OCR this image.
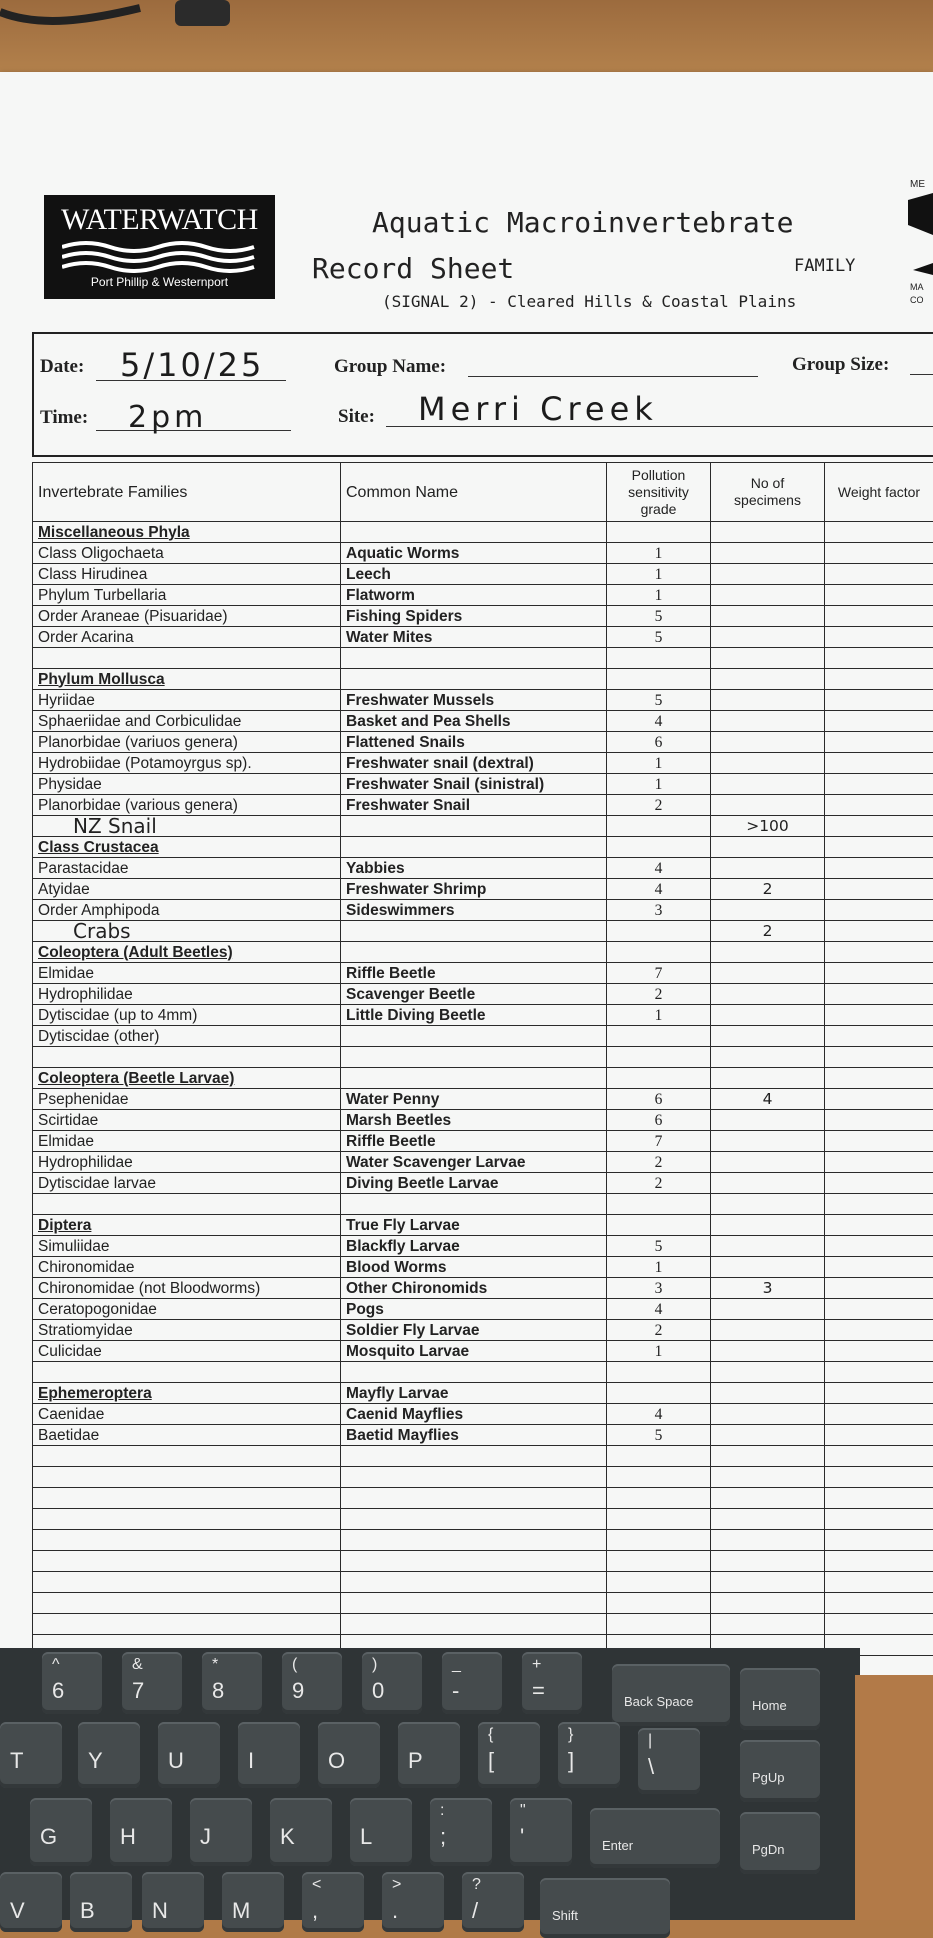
WATERWATCH
Port Phillip & Westernport
Aquatic Macroinvertebrate
Record Sheet	FAMILY
(SIGNAL 2) - Cleared Hills & Coastal Plains
ME
MA
CO
Date: 5/10/25	Group Name:	Group Size:
Time: 2pm	Site: Merri Creek
Invertebrate Families	Common Name	Pollution sensitivity grade	No of specimens	Weight factor
Miscellaneous Phyla				
Class Oligochaeta	Aquatic Worms	1		
Class Hirudinea	Leech	1		
Phylum Turbellaria	Flatworm	1		
Order Araneae (Pisuaridae)	Fishing Spiders	5		
Order Acarina	Water Mites	5		

Phylum Mollusca				
Hyriidae	Freshwater Mussels	5		
Sphaeriidae and Corbiculidae	Basket and Pea Shells	4		
Planorbidae (variuos genera)	Flattened Snails	6		
Hydrobiidae (Potamoyrgus sp).	Freshwater snail (dextral)	1		
Physidae	Freshwater Snail (sinistral)	1		
Planorbidae (various genera)	Freshwater Snail	2		
NZ Snail			>100	
Class Crustacea				
Parastacidae	Yabbies	4		
Atyidae	Freshwater Shrimp	4	2	
Order Amphipoda	Sideswimmers	3		
Crabs			2	
Coleoptera (Adult Beetles)				
Elmidae	Riffle Beetle	7		
Hydrophilidae	Scavenger Beetle	2		
Dytiscidae (up to 4mm)	Little Diving Beetle	1		
Dytiscidae (other)				

Coleoptera (Beetle Larvae)				
Psephenidae	Water Penny	6	4	
Scirtidae	Marsh Beetles	6		
Elmidae	Riffle Beetle	7		
Hydrophilidae	Water Scavenger Larvae	2		
Dytiscidae larvae	Diving Beetle Larvae	2		

Diptera	True Fly Larvae			
Simuliidae	Blackfly Larvae	5		
Chironomidae	Blood Worms	1		
Chironomidae (not Bloodworms)	Other Chironomids	3	3	
Ceratopogonidae	Pogs	4		
Stratiomyidae	Soldier Fly Larvae	2		
Culicidae	Mosquito Larvae	1		

Ephemeroptera	Mayfly Larvae			
Caenidae	Caenid Mayflies	4		
Baetidae	Baetid Mayflies	5		

^
6
&
7
*
8
(
9
)
0
_
-
+
=	Back Space	Home
T	Y	U	I	O	P
{
[
}
]
|
\	PgUp
G	H	J	K	L
:
;
"
'	Enter	PgDn
V	B	N	M
<
,
>
.
?
/	Shift
